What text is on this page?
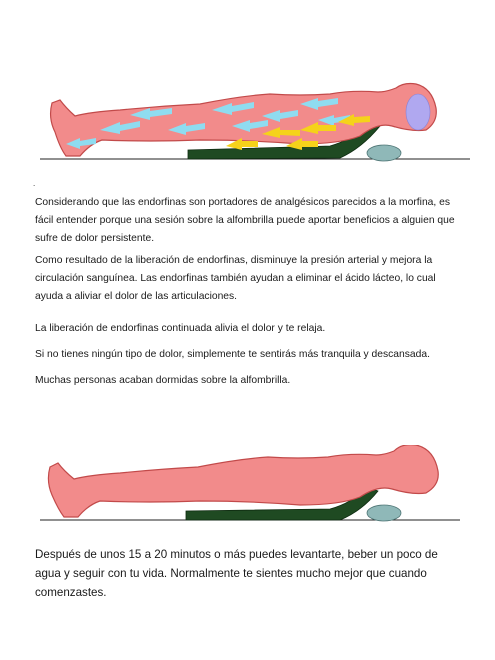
.

Considerando que las endorfinas son portadores de analgésicos parecidos a la morfina, es fácil entender porque una sesión sobre la alfombrilla puede aportar beneficios a alguien que sufre de dolor persistente.

Como resultado de la liberación de endorfinas, disminuye la presión arterial y mejora la circulación sanguínea. Las endorfinas también ayudan a eliminar el ácido lácteo, lo cual ayuda a aliviar el dolor de las articulaciones.

La liberación de endorfinas continuada alivia el dolor y te relaja.

Si no tienes ningún tipo de dolor, simplemente te sentirás más tranquila y descansada.

Muchas personas acaban dormidas sobre la alfombrilla.

Después de unos 15 a 20 minutos o más puedes levantarte, beber un poco de agua y seguir con tu vida. Normalmente te sientes mucho mejor que cuando comenzastes.
